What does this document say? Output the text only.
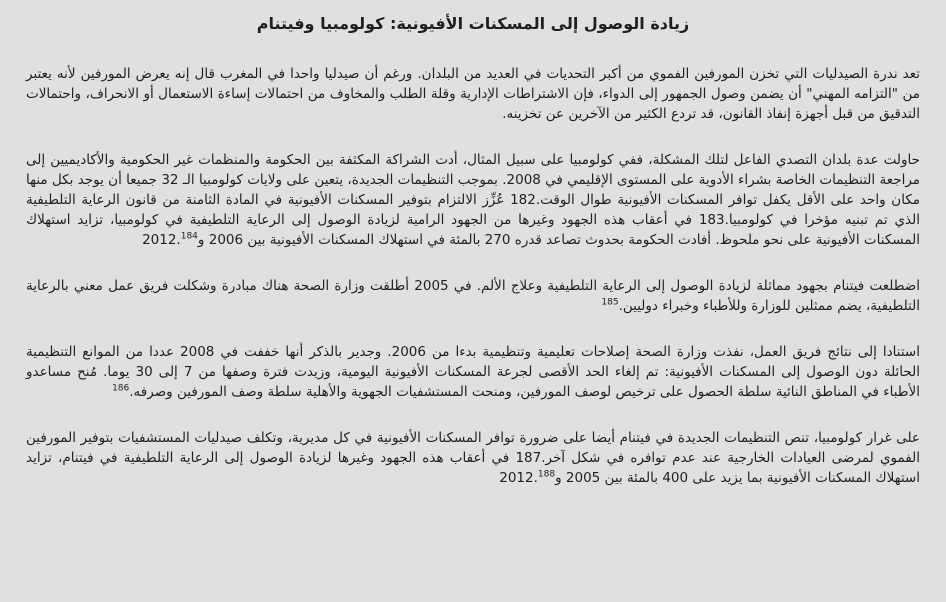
زيادة الوصول إلى المسكنات الأفيونية: كولومبيا وفيتنام

تعد ندرة الصيدليات التي تخزن المورفين الفموي من أكبر التحديات في العديد من البلدان. ورغم أن صيدليا واحدا في المغرب قال إنه يعرض المورفين لأنه يعتبر من "التزامه المهني" أن يضمن وصول الجمهور إلى الدواء، فإن الاشتراطات الإدارية وقلة الطلب والمخاوف من احتمالات إساءة الاستعمال أو الانحراف، واحتمالات التدقيق من قبل أجهزة إنفاذ القانون، قد تردع الكثير من الآخرين عن تخزينه.

حاولت عدة بلدان التصدي الفاعل لتلك المشكلة، ففي كولومبيا على سبيل المثال، أدت الشراكة المكثفة بين الحكومة والمنظمات غير الحكومية والأكاديميين إلى مراجعة التنظيمات الخاصة بشراء الأدوية على المستوى الإقليمي في 2008. بموجب التنظيمات الجديدة، يتعين على ولايات كولومبيا الـ 32 جميعا أن يوجد بكل منها مكان واحد على الأقل يكفل توافر المسكنات الأفيونية طوال الوقت.182 عُزِّز الالتزام بتوفير المسكنات الأفيونية في المادة الثامنة من قانون الرعاية التلطيفية الذي تم تبنيه مؤخرا في كولومبيا.183 في أعقاب هذه الجهود وغيرها من الجهود الرامية لزيادة الوصول إلى الرعاية التلطيفية في كولومبيا، تزايد استهلاك المسكنات الأفيونية على نحو ملحوظ. أفادت الحكومة بحدوث تصاعد قدره 270 بالمئة في استهلاك المسكنات الأفيونية بين 2006 و2012.$^{184}$

اضطلعت فيتنام بجهود مماثلة لزيادة الوصول إلى الرعاية التلطيفية وعلاج الألم. في 2005 أطلقت وزارة الصحة هناك مبادرة وشكلت فريق عمل معني بالرعاية التلطيفية، يضم ممثلين للوزارة وللأطباء وخبراء دوليين.$^{185}$

استنادا إلى نتائج فريق العمل، نفذت وزارة الصحة إصلاحات تعليمية وتنظيمية بدءا من 2006. وجدير بالذكر أنها خففت في 2008 عددا من الموانع التنظيمية الحائلة دون الوصول إلى المسكنات الأفيونية: تم إلغاء الحد الأقصى لجرعة المسكنات الأفيونية اليومية، وزيدت فترة وصفها من 7 إلى 30 يوما. مُنح مساعدو الأطباء في المناطق النائية سلطة الحصول على ترخيص لوصف المورفين، ومنحت المستشفيات الجهوية والأهلية سلطة وصف المورفين وصرفه.$^{186}$

على غرار كولومبيا، تنص التنظيمات الجديدة في فيتنام أيضا على ضرورة توافر المسكنات الأفيونية في كل مديرية، وتكلف صيدليات المستشفيات بتوفير المورفين الفموي لمرضى العيادات الخارجية عند عدم توافره في شكل آخر.187 في أعقاب هذه الجهود وغيرها لزيادة الوصول إلى الرعاية التلطيفية في فيتنام، تزايد استهلاك المسكنات الأفيونية بما يزيد على 400 بالمئة بين 2005 و2012.$^{188}$
